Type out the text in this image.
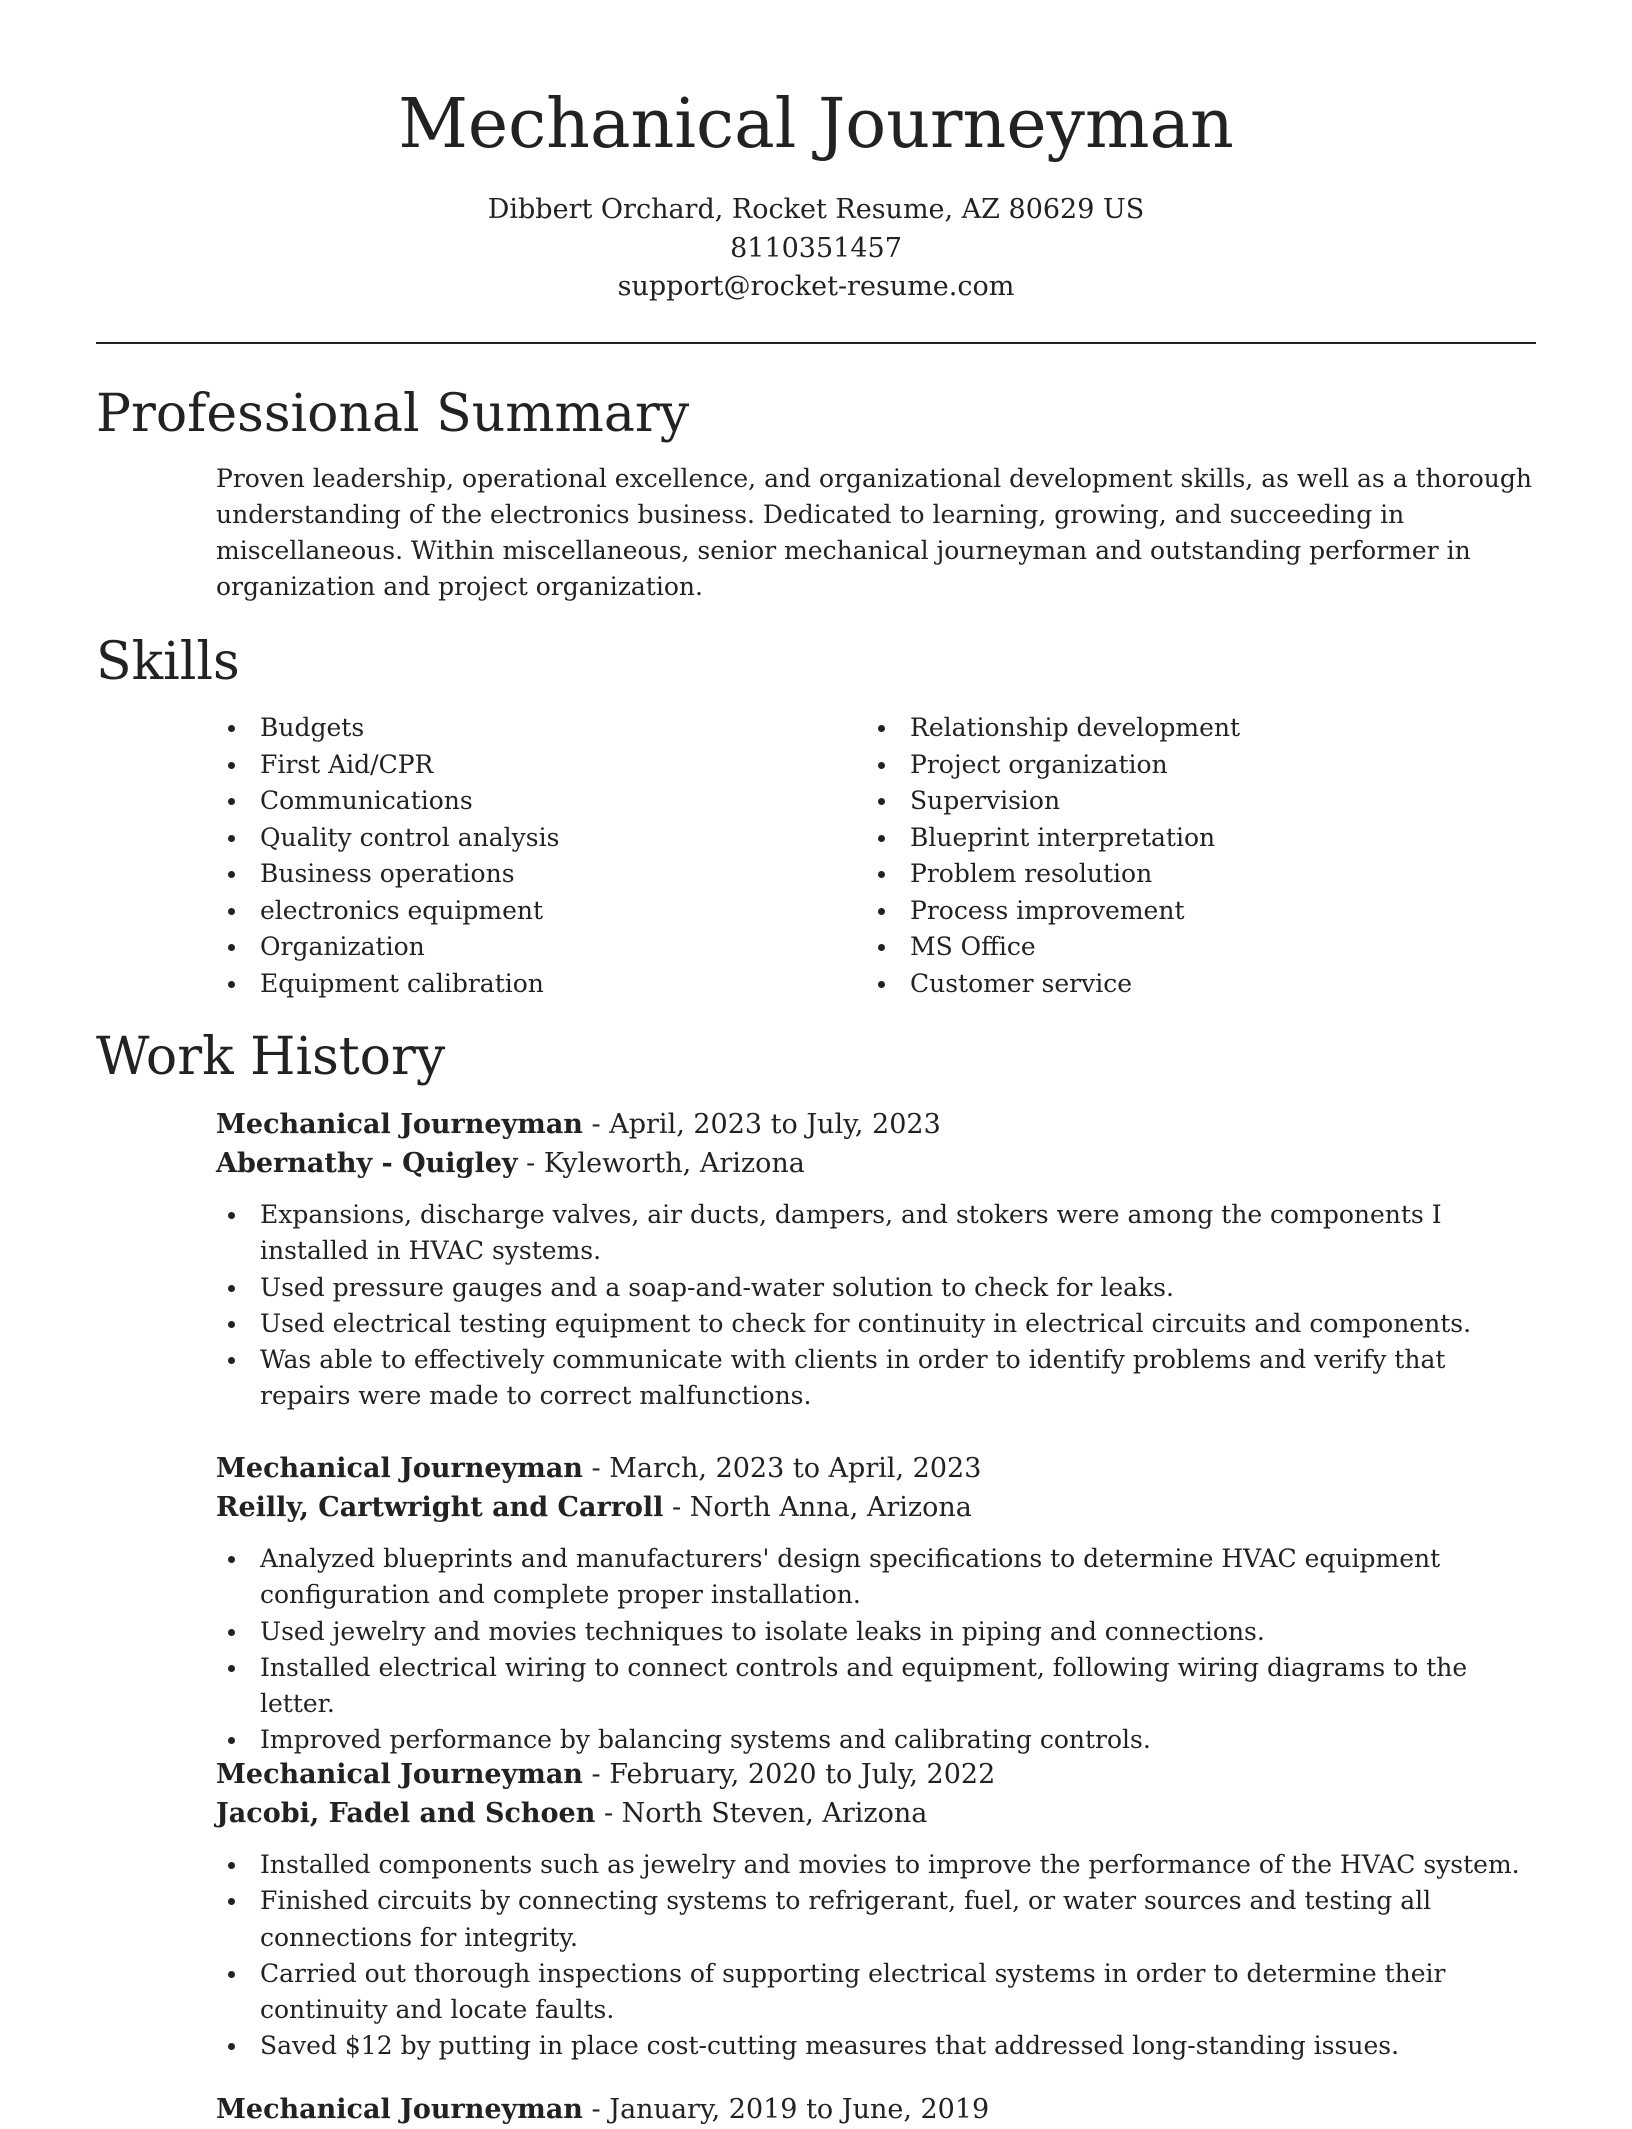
Mechanical Journeyman
Dibbert Orchard, Rocket Resume, AZ 80629 US
8110351457
support@rocket-resume.com
Professional Summary

Proven leadership, operational excellence, and organizational development skills, as well as a thorough understanding of the electronics business. Dedicated to learning, growing, and succeeding in miscellaneous. Within miscellaneous, senior mechanical journeyman and outstanding performer in organization and project organization.

Skills
Budgets
First Aid/CPR
Communications
Quality control analysis
Business operations
electronics equipment
Organization
Equipment calibration
Relationship development
Project organization
Supervision
Blueprint interpretation
Problem resolution
Process improvement
MS Office
Customer service
Work History
Mechanical Journeyman - April, 2023 to July, 2023
Abernathy - Quigley - Kyleworth, Arizona
Expansions, discharge valves, air ducts, dampers, and stokers were among the components I installed in HVAC systems.
Used pressure gauges and a soap-and-water solution to check for leaks.
Used electrical testing equipment to check for continuity in electrical circuits and components.
Was able to effectively communicate with clients in order to identify problems and verify that repairs were made to correct malfunctions.
Mechanical Journeyman - March, 2023 to April, 2023
Reilly, Cartwright and Carroll - North Anna, Arizona
Analyzed blueprints and manufacturers' design specifications to determine HVAC equipment configuration and complete proper installation.
Used jewelry and movies techniques to isolate leaks in piping and connections.
Installed electrical wiring to connect controls and equipment, following wiring diagrams to the letter.
Improved performance by balancing systems and calibrating controls.
Mechanical Journeyman - February, 2020 to July, 2022
Jacobi, Fadel and Schoen - North Steven, Arizona
Installed components such as jewelry and movies to improve the performance of the HVAC system.
Finished circuits by connecting systems to refrigerant, fuel, or water sources and testing all connections for integrity.
Carried out thorough inspections of supporting electrical systems in order to determine their continuity and locate faults.
Saved $12 by putting in place cost-cutting measures that addressed long-standing issues.
Mechanical Journeyman - January, 2019 to June, 2019
